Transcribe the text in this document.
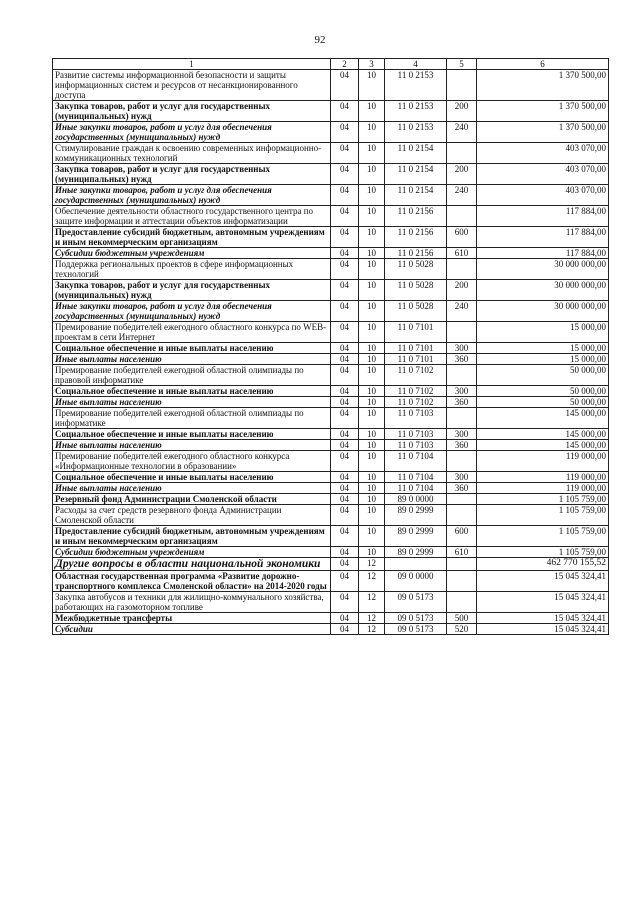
92
1	2	3	4	5	6
Развитие системы информационной безопасности и защиты информационных систем и ресурсов от несанкционированного доступа	04	10	11 0 2153		1 370 500,00
Закупка товаров, работ и услуг для государственных (муниципальных) нужд	04	10	11 0 2153	200	1 370 500,00
Иные закупки товаров, работ и услуг для обеспечения государственных (муниципальных) нужд	04	10	11 0 2153	240	1 370 500,00
Стимулирование граждан к освоению современных информационно-коммуникационных технологий	04	10	11 0 2154		403 070,00
Закупка товаров, работ и услуг для государственных (муниципальных) нужд	04	10	11 0 2154	200	403 070,00
Иные закупки товаров, работ и услуг для обеспечения государственных (муниципальных) нужд	04	10	11 0 2154	240	403 070,00
Обеспечение деятельности областного государственного центра по защите информации и аттестации объектов информатизации	04	10	11 0 2156		117 884,00
Предоставление субсидий бюджетным, автономным учреждениям и иным некоммерческим организациям	04	10	11 0 2156	600	117 884,00
Субсидии бюджетным учреждениям	04	10	11 0 2156	610	117 884,00
Поддержка региональных проектов в сфере информационных технологий	04	10	11 0 5028		30 000 000,00
Закупка товаров, работ и услуг для государственных (муниципальных) нужд	04	10	11 0 5028	200	30 000 000,00
Иные закупки товаров, работ и услуг для обеспечения государственных (муниципальных) нужд	04	10	11 0 5028	240	30 000 000,00
Премирование победителей ежегодного областного конкурса по WEB-проектам в сети Интернет	04	10	11 0 7101		15 000,00
Социальное обеспечение и иные выплаты населению	04	10	11 0 7101	300	15 000,00
Иные выплаты населению	04	10	11 0 7101	360	15 000,00
Премирование победителей ежегодной областной олимпиады по правовой информатике	04	10	11 0 7102		50 000,00
Социальное обеспечение и иные выплаты населению	04	10	11 0 7102	300	50 000,00
Иные выплаты населению	04	10	11 0 7102	360	50 000,00
Премирование победителей ежегодной областной олимпиады по информатике	04	10	11 0 7103		145 000,00
Социальное обеспечение и иные выплаты населению	04	10	11 0 7103	300	145 000,00
Иные выплаты населению	04	10	11 0 7103	360	145 000,00
Премирование победителей ежегодного областного конкурса «Информационные технологии в образовании»	04	10	11 0 7104		119 000,00
Социальное обеспечение и иные выплаты населению	04	10	11 0 7104	300	119 000,00
Иные выплаты населению	04	10	11 0 7104	360	119 000,00
Резервный фонд Администрации Смоленской области	04	10	89 0 0000		1 105 759,00
Расходы за счет средств резервного фонда Администрации Смоленской области	04	10	89 0 2999		1 105 759,00
Предоставление субсидий бюджетным, автономным учреждениям и иным некоммерческим организациям	04	10	89 0 2999	600	1 105 759,00
Субсидии бюджетным учреждениям	04	10	89 0 2999	610	1 105 759,00
Другие вопросы в области национальной экономики	04	12			462 770 155,52
Областная государственная программа «Развитие дорожно-транспортного комплекса Смоленской области» на 2014-2020 годы	04	12	09 0 0000		15 045 324,41
Закупка автобусов и техники для жилищно-коммунального хозяйства, работающих на газомоторном топливе	04	12	09 0 5173		15 045 324,41
Межбюджетные трансферты	04	12	09 0 5173	500	15 045 324,41
Субсидии	04	12	09 0 5173	520	15 045 324,41
